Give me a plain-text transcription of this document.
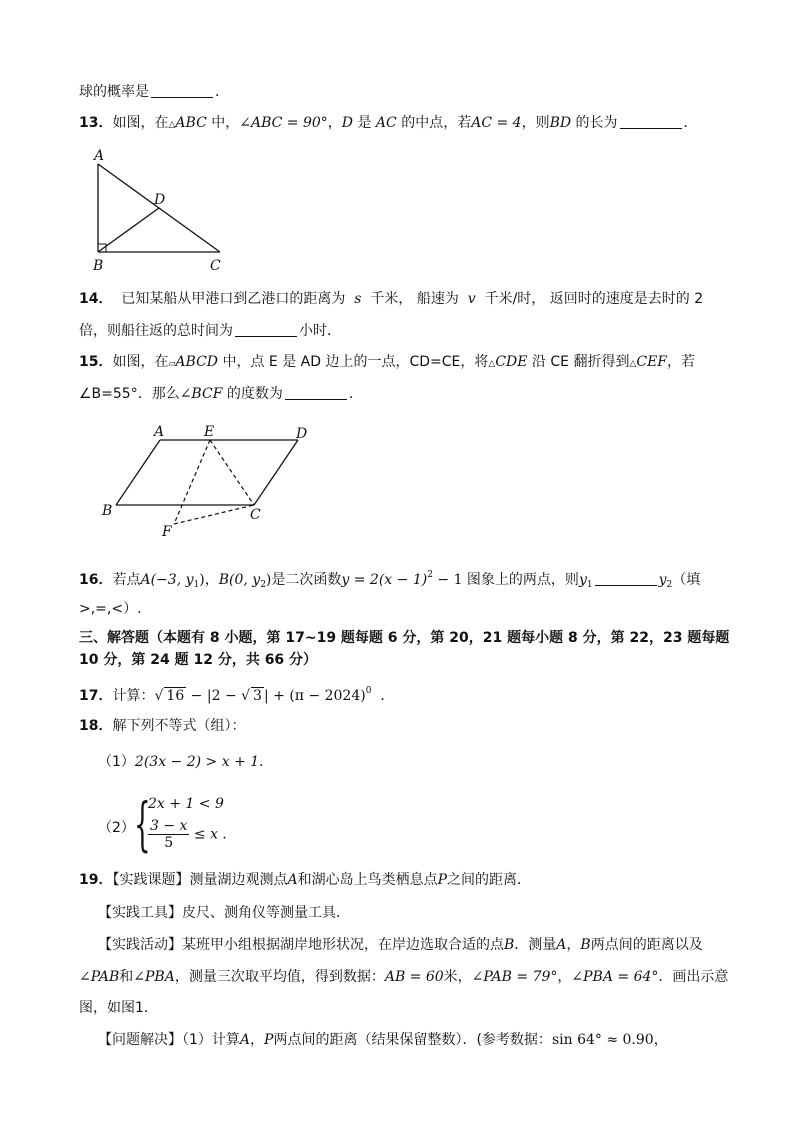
球的概率是	．
13．如图，在△ABC 中，∠ABC = 90°，D 是 AC 的中点，若AC = 4，则BD 的长为	．
A
D
B	C
14． 已知某船从甲港口到乙港口的距离为 s 千米， 船速为 v 千米/时， 返回时的速度是去时的 2
倍，则船往返的总时间为	小时．
15．如图，在▱ABCD 中，点 E 是 AD 边上的一点，CD=CE，将△CDE 沿 CE 翻折得到△CEF，若
∠B=55°．那么∠BCF 的度数为	．
A	E	D
B	C
F
16．若点A(−3, $y_1$)，B(0, $y_2$)是二次函数$y = 2(x - 1)^2 - 1$ 图象上的两点，则$y_1$	$y_2$（填
>,=,<）.
三、解答题（本题有 8 小题，第 17~19 题每题 6 分，第 20，21 题每小题 8 分，第 22，23 题每题
10 分，第 24 题 12 分，共 66 分）
17．计算：√ 16 − |2 − √ 3 | + $(\pi - 2024)^0$ ．
18．解下列不等式（组）：
（1）2(3x − 2) > x + 1．
（2） {
2x + 1 < 9
$\frac{3 - x}{5} \le x$ ．
19．【实践课题】测量湖边观测点A和湖心岛上鸟类栖息点P之间的距离．
【实践工具】皮尺、测角仪等测量工具．
【实践活动】某班甲小组根据湖岸地形状况，在岸边选取合适的点B．测量A，B两点间的距离以及
∠PAB和∠PBA，测量三次取平均值，得到数据：AB = 60米，∠PAB = 79°，∠PBA = 64°．画出示意
图，如图1．
【问题解决】（1）计算A，P两点间的距离（结果保留整数）．(参考数据：sin 64° ≈ 0.90，
